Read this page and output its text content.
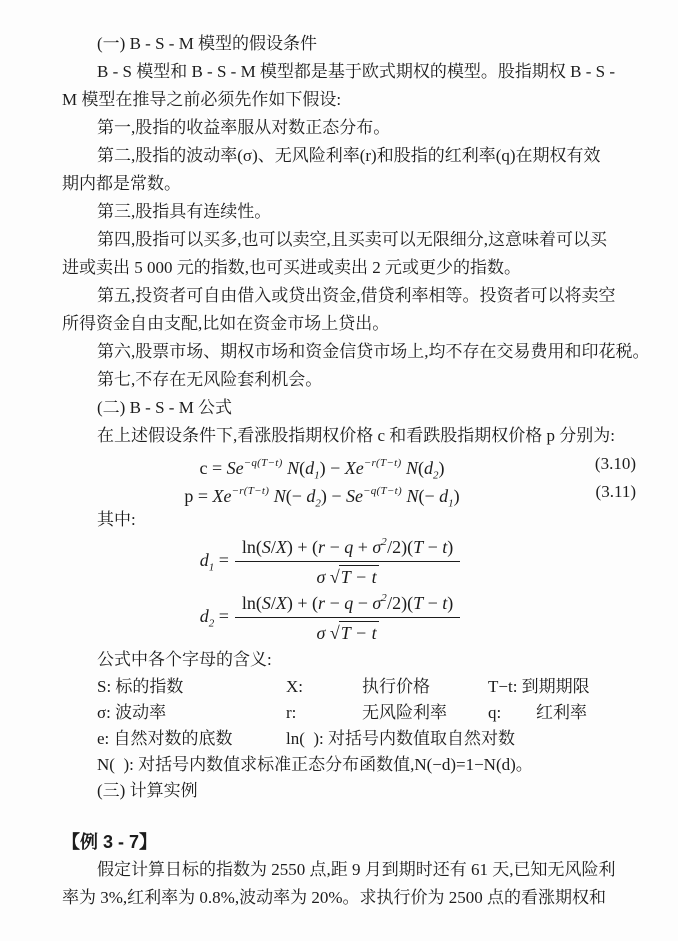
(一) B - S - M 模型的假设条件
B - S 模型和 B - S - M 模型都是基于欧式期权的模型。股指期权 B - S -
M 模型在推导之前必须先作如下假设:
第一,股指的收益率服从对数正态分布。
第二,股指的波动率(σ)、无风险利率(r)和股指的红利率(q)在期权有效
期内都是常数。
第三,股指具有连续性。
第四,股指可以买多,也可以卖空,且买卖可以无限细分,这意味着可以买
进或卖出 5 000 元的指数,也可买进或卖出 2 元或更少的指数。
第五,投资者可自由借入或贷出资金,借贷利率相等。投资者可以将卖空
所得资金自由支配,比如在资金市场上贷出。
第六,股票市场、期权市场和资金信贷市场上,均不存在交易费用和印花税。
第七,不存在无风险套利机会。
(二) B - S - M 公式
在上述假设条件下,看涨股指期权价格 c 和看跌股指期权价格 p 分别为:
$c = Se^{-q(T-t)}$ $N(d_1) - Xe^{-r(T-t)}$ $N(d_2)$	(3.10)
$p = Xe^{-r(T-t)}$ $N(- d_2) - Se^{-q(T-t)}$ $N(- d_1)$	(3.11)
其中:
$d_1 = \frac{\ln(S/X) + (r - q + \sigma^2/2)(T - t)}{\sigma √T - t}$
$d_2 = \frac{\ln(S/X) + (r - q - \sigma^2/2)(T - t)}{\sigma √T - t}$
公式中各个字母的含义:
S: 标的指数	X:	执行价格	T−t: 到期期限
σ: 波动率	r:	无风险利率 q: 红利率
e: 自然对数的底数	ln(  ): 对括号内数值取自然对数
N(  ): 对括号内数值求标准正态分布函数值,N(−d)=1−N(d)。
(三) 计算实例
【例 3 - 7】
假定计算日标的指数为 2550 点,距 9 月到期时还有 61 天,已知无风险利
率为 3%,红利率为 0.8%,波动率为 20%。求执行价为 2500 点的看涨期权和
